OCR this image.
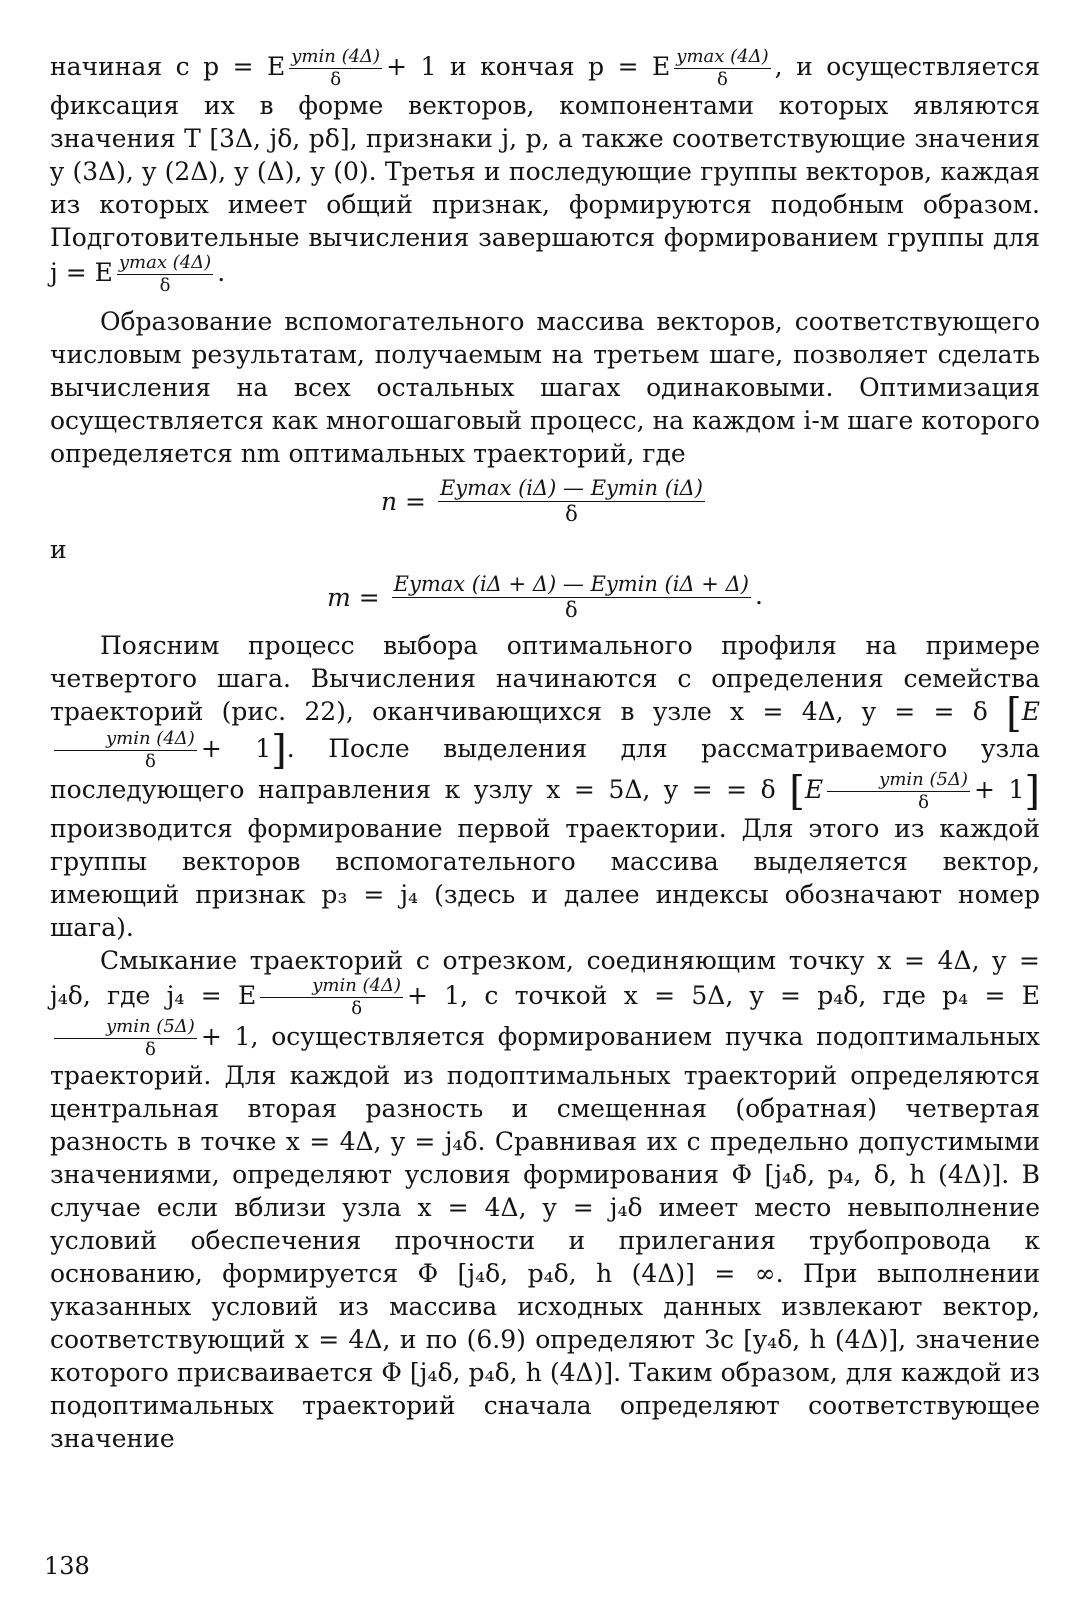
начиная с p = E $\frac{ymin (4\Delta)}{\delta} + 1$ и кончая p = E $\frac{ymax (4\Delta)}{\delta}$ , и осуществляется фиксация их в форме векторов, компонентами которых являются значения T [3Δ, jδ, pδ], признаки j, p, а также соответствующие значения y (3Δ), y (2Δ), y (Δ), y (0). Третья и последующие группы векторов, каждая из которых имеет общий признак, формируются подобным образом. Подготовительные вычисления завершаются формированием группы для j = E $\frac{ymax (4\Delta)}{\delta}$ .

Образование вспомогательного массива векторов, соответствующего числовым результатам, получаемым на третьем шаге, позволяет сделать вычисления на всех остальных шагах одинаковыми. Оптимизация осуществляется как многошаговый процесс, на каждом i-м шаге которого определяется nm оптимальных траекторий, где

$n = \frac{Eymax (i\Delta) — Eymin (i\Delta)}{\delta}$
и
$m = \frac{Eymax (i\Delta + \Delta) — Eymin (i\Delta + \Delta)}{\delta}$ .

Поясним процесс выбора оптимального профиля на примере четвертого шага. Вычисления начинаются с определения семейства траекторий (рис. 22), оканчивающихся в узле x = 4Δ, y = = δ [E
$\frac{ymin (4\Delta)}{\delta} + 1$]. После выделения для рассматриваемого узла последующего направления к узлу x = 5Δ, y = = δ $[E \frac{ymin (5\Delta)}{\delta} + 1]$ производится формирование первой траектории. Для этого из каждой группы векторов вспомогательного массива выделяется вектор, имеющий признак p₃ = j₄ (здесь и далее индексы обозначают номер шага).

Смыкание траекторий с отрезком, соединяющим точку x = 4Δ, y = j₄δ, где j₄ = E $\frac{ymin (4\Delta)}{\delta} + 1$, с точкой x = 5Δ, y = p₄δ, где p₄ = E
$\frac{ymin (5\Delta)}{\delta} + 1$, осуществляется формированием пучка подоптимальных траекторий. Для каждой из подоптимальных траекторий определяются центральная вторая разность и смещенная (обратная) четвертая разность в точке x = 4Δ, y = j₄δ. Сравнивая их с предельно допустимыми значениями, определяют условия формирования Φ [j₄δ, p₄, δ, h (4Δ)]. В случае если вблизи узла x = 4Δ, y = j₄δ имеет место невыполнение условий обеспечения прочности и прилегания трубопровода к основанию, формируется Φ [j₄δ, p₄δ, h (4Δ)] = ∞. При выполнении указанных условий из массива исходных данных извлекают вектор, соответствующий x = 4Δ, и по (6.9) определяют Зс [y₄δ, h (4Δ)], значение которого присваивается Φ [j₄δ, p₄δ, h (4Δ)]. Таким образом, для каждой из подоптимальных траекторий сначала определяют соответствующее значение

138
